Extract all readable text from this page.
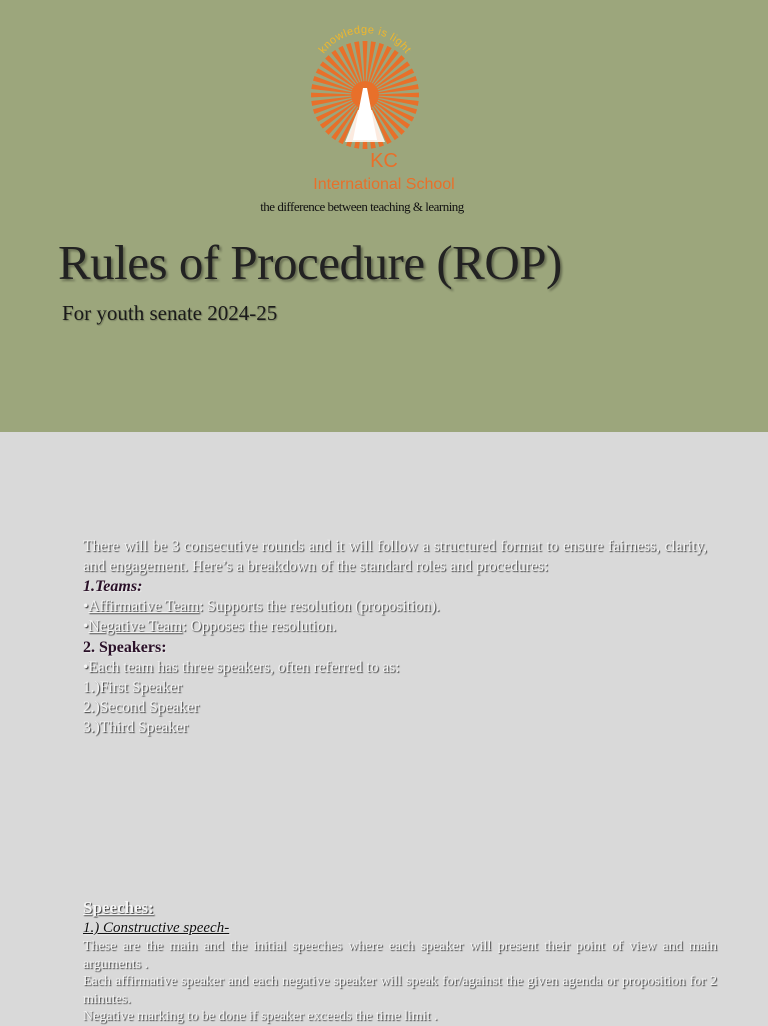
knowledge is light
KC
International School
the difference between teaching & learning
Rules of Procedure (ROP)
For youth senate 2024-25
There will be 3 consecutive rounds and it will follow a structured format to ensure fairness, clarity, and engagement. Here’s a breakdown of the standard roles and procedures:
1.Teams:
•Affirmative Team: Supports the resolution (proposition).
•Negative Team: Opposes the resolution.
2. Speakers:
•Each team has three speakers, often referred to as:
1.)First Speaker
2.)Second Speaker
3.)Third Speaker
Speeches:
1.) Constructive speech-
These are the main and the initial speeches where each speaker will present their point of view and main arguments .
Each affirmative speaker and each negative speaker will speak for/against the given agenda or proposition for 2 minutes.
Negative marking to be done if speaker exceeds the time limit .
